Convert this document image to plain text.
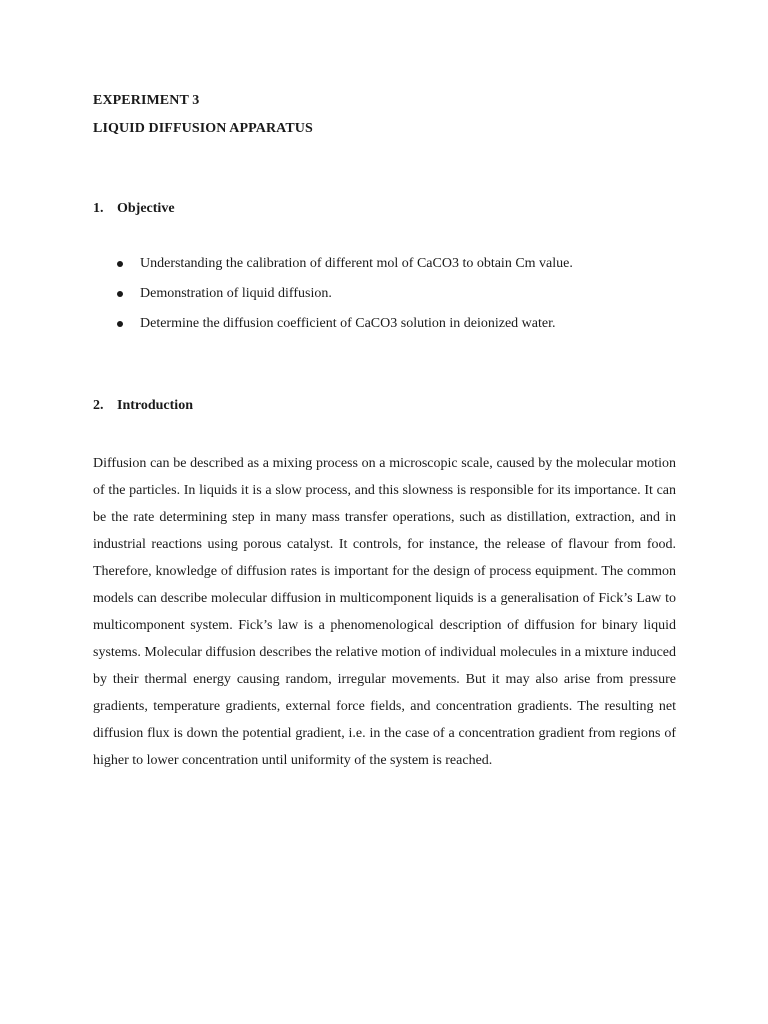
EXPERIMENT 3
LIQUID DIFFUSION APPARATUS
1. Objective
Understanding the calibration of different mol of CaCO3 to obtain Cm value.
Demonstration of liquid diffusion.
Determine the diffusion coefficient of CaCO3 solution in deionized water.
2. Introduction

Diffusion can be described as a mixing process on a microscopic scale, caused by the molecular motion of the particles. In liquids it is a slow process, and this slowness is responsible for its importance. It can be the rate determining step in many mass transfer operations, such as distillation, extraction, and in industrial reactions using porous catalyst. It controls, for instance, the release of flavour from food. Therefore, knowledge of diffusion rates is important for the design of process equipment. The common models can describe molecular diffusion in multicomponent liquids is a generalisation of Fick’s Law to multicomponent system. Fick’s law is a phenomenological description of diffusion for binary liquid systems. Molecular diffusion describes the relative motion of individual molecules in a mixture induced by their thermal energy causing random, irregular movements. But it may also arise from pressure gradients, temperature gradients, external force fields, and concentration gradients. The resulting net diffusion flux is down the potential gradient, i.e. in the case of a concentration gradient from regions of higher to lower concentration until uniformity of the system is reached.
